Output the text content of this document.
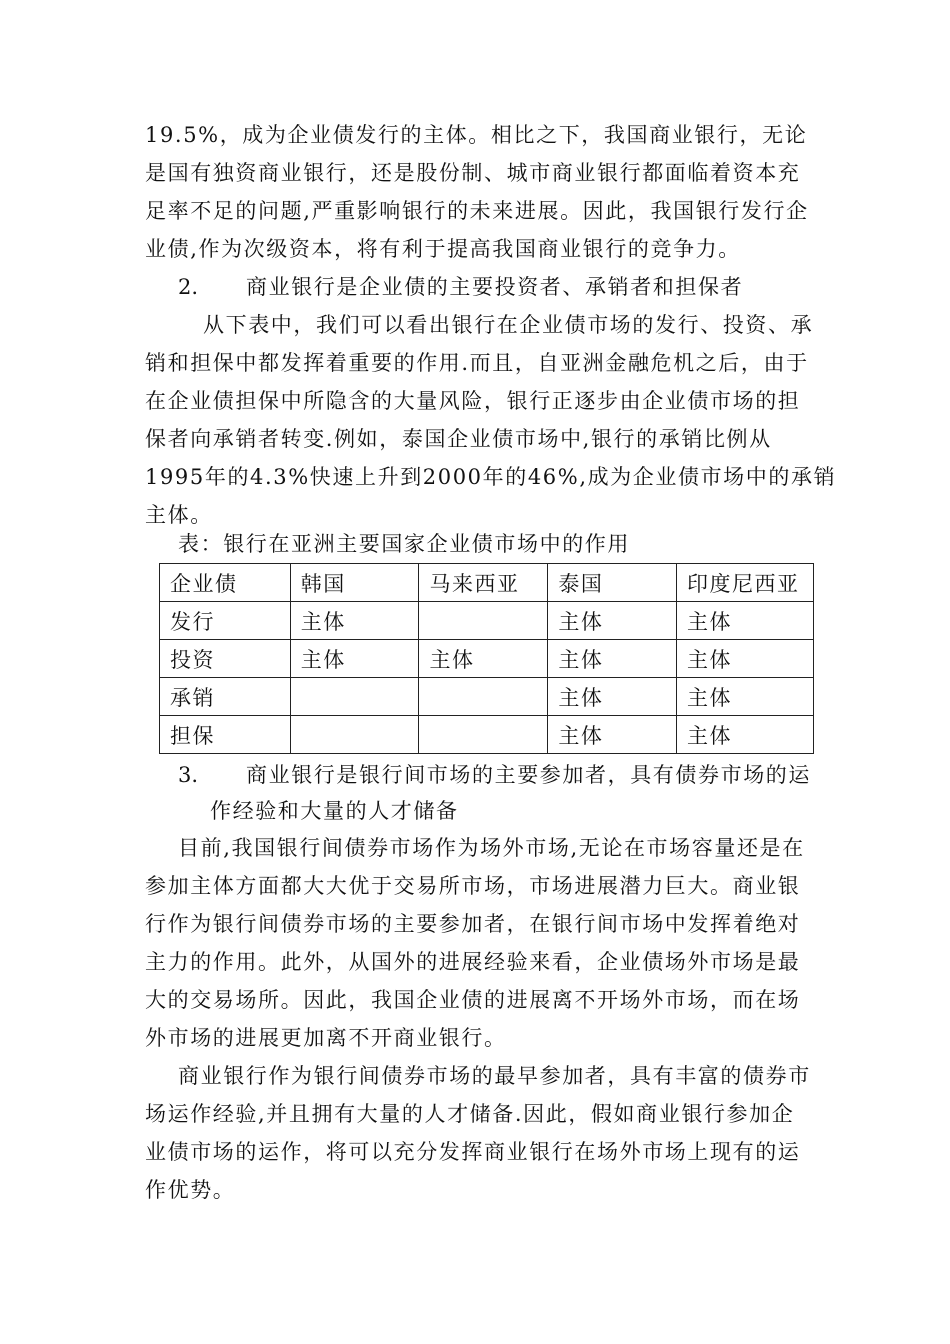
19.5%，成为企业债发行的主体。相比之下，我国商业银行，无论
是国有独资商业银行，还是股份制、城市商业银行都面临着资本充
足率不足的问题,严重影响银行的未来进展。因此，我国银行发行企
业债,作为次级资本，将有利于提高我国商业银行的竞争力。
2. 商业银行是企业债的主要投资者、承销者和担保者
从下表中，我们可以看出银行在企业债市场的发行、投资、承
销和担保中都发挥着重要的作用.而且，自亚洲金融危机之后，由于
在企业债担保中所隐含的大量风险，银行正逐步由企业债市场的担
保者向承销者转变.例如，泰国企业债市场中,银行的承销比例从
1995年的4.3%快速上升到2000年的46%,成为企业债市场中的承销
主体。
表：银行在亚洲主要国家企业债市场中的作用
企业债	韩国	马来西亚	泰国	印度尼西亚
发行	主体		主体	主体
投资	主体	主体	主体	主体
承销			主体	主体
担保			主体	主体
3. 商业银行是银行间市场的主要参加者，具有债券市场的运
作经验和大量的人才储备
目前,我国银行间债券市场作为场外市场,无论在市场容量还是在
参加主体方面都大大优于交易所市场，市场进展潜力巨大。商业银
行作为银行间债券市场的主要参加者，在银行间市场中发挥着绝对
主力的作用。此外，从国外的进展经验来看，企业债场外市场是最
大的交易场所。因此，我国企业债的进展离不开场外市场，而在场
外市场的进展更加离不开商业银行。
商业银行作为银行间债券市场的最早参加者，具有丰富的债券市
场运作经验,并且拥有大量的人才储备.因此，假如商业银行参加企
业债市场的运作，将可以充分发挥商业银行在场外市场上现有的运
作优势。
